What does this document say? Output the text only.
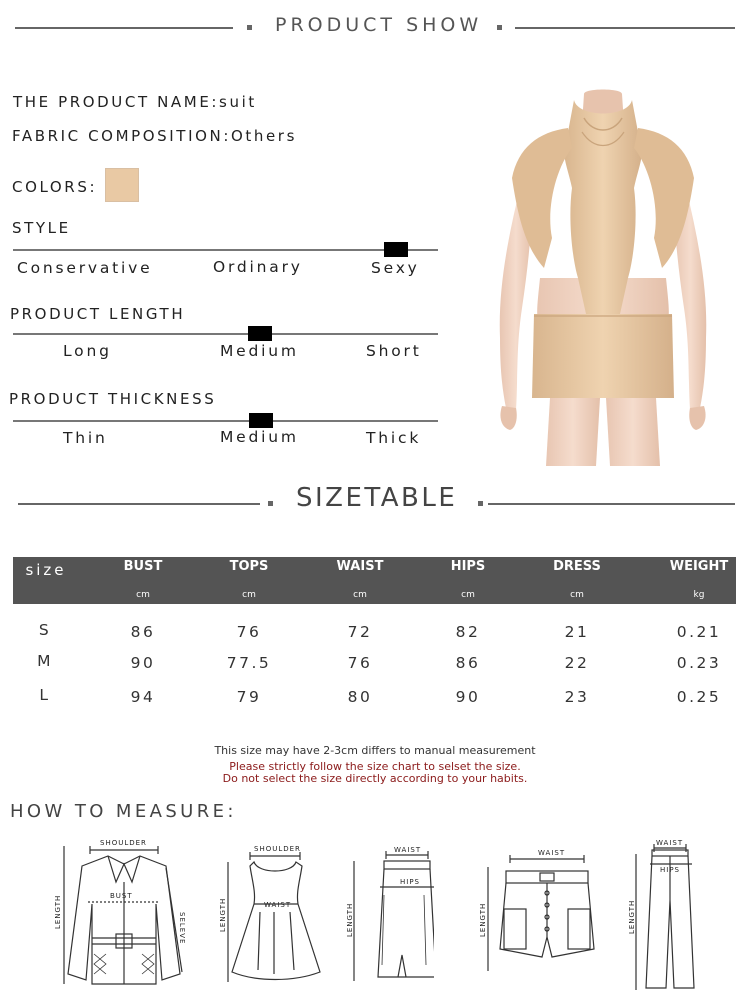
PRODUCT SHOW
THE PRODUCT NAME:suit
FABRIC COMPOSITION:Others
COLORS:
STYLE
Conservative	Ordinary	Sexy
PRODUCT LENGTH
Long	Medium	Short
PRODUCT THICKNESS
Thin	Medium	Thick
SIZETABLE
size	BUST	TOPS	WAIST	HIPS	DRESS	WEIGHT
cm	cm	cm	cm	cm	kg
S	86	76	72	82	21	0.21
M	90	77.5	76	86	22	0.23
L	94	79	80	90	23	0.25
This size may have 2-3cm differs to manual measurement
Please strictly follow the size chart to selset the size.
Do not select the size directly according to your habits.
HOW TO MEASURE:
SHOULDER
BUST
LENGTH	SELEVE
SHOULDER
WAIST
LENGTH
WAIST
HIPS
LENGTH
WAIST
LENGTH
WAIST
HIPS
LENGTH
